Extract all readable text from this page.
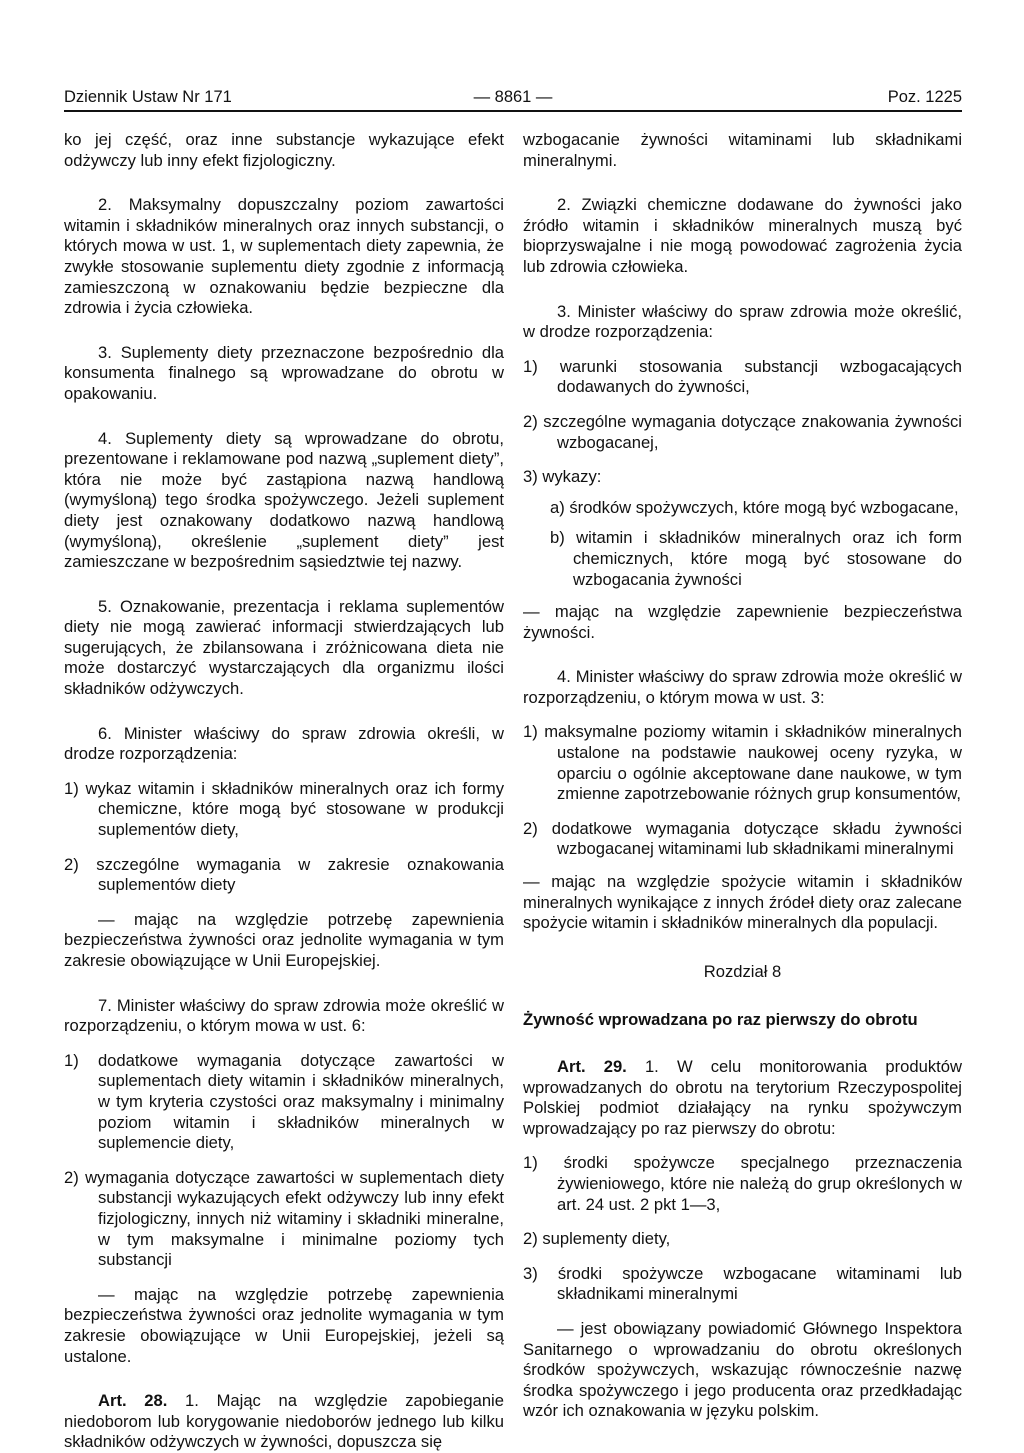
Dziennik Ustaw Nr 171	— 8861 —	Poz. 1225

ko jej część, oraz inne substancje wykazujące efekt odżywczy lub inny efekt fizjologiczny.

2. Maksymalny dopuszczalny poziom zawartości witamin i składników mineralnych oraz innych substancji, o których mowa w ust. 1, w suplementach diety zapewnia, że zwykłe stosowanie suplementu diety zgodnie z informacją zamieszczoną w oznakowaniu będzie bezpieczne dla zdrowia i życia człowieka.

3. Suplementy diety przeznaczone bezpośrednio dla konsumenta finalnego są wprowadzane do obrotu w opakowaniu.

4. Suplementy diety są wprowadzane do obrotu, prezentowane i reklamowane pod nazwą „suplement diety”, która nie może być zastąpiona nazwą handlową (wymyśloną) tego środka spożywczego. Jeżeli suplement diety jest oznakowany dodatkowo nazwą handlową (wymyśloną), określenie „suplement diety” jest zamieszczane w bezpośrednim sąsiedztwie tej nazwy.

5. Oznakowanie, prezentacja i reklama suplementów diety nie mogą zawierać informacji stwierdzających lub sugerujących, że zbilansowana i zróżnicowana dieta nie może dostarczyć wystarczających dla organizmu ilości składników odżywczych.

6. Minister właściwy do spraw zdrowia określi, w drodze rozporządzenia:

1) wykaz witamin i składników mineralnych oraz ich formy chemiczne, które mogą być stosowane w produkcji suplementów diety,

2) szczególne wymagania w zakresie oznakowania suplementów diety

— mając na względzie potrzebę zapewnienia bezpieczeństwa żywności oraz jednolite wymagania w tym zakresie obowiązujące w Unii Europejskiej.

7. Minister właściwy do spraw zdrowia może określić w rozporządzeniu, o którym mowa w ust. 6:

1) dodatkowe wymagania dotyczące zawartości w suplementach diety witamin i składników mineralnych, w tym kryteria czystości oraz maksymalny i minimalny poziom witamin i składników mineralnych w suplemencie diety,

2) wymagania dotyczące zawartości w suplementach diety substancji wykazujących efekt odżywczy lub inny efekt fizjologiczny, innych niż witaminy i składniki mineralne, w tym maksymalne i minimalne poziomy tych substancji

— mając na względzie potrzebę zapewnienia bezpieczeństwa żywności oraz jednolite wymagania w tym zakresie obowiązujące w Unii Europejskiej, jeżeli są ustalone.

Art. 28. 1. Mając na względzie zapobieganie niedoborom lub korygowanie niedoborów jednego lub kilku składników odżywczych w żywności, dopuszcza się

wzbogacanie żywności witaminami lub składnikami mineralnymi.

2. Związki chemiczne dodawane do żywności jako źródło witamin i składników mineralnych muszą być bioprzyswajalne i nie mogą powodować zagrożenia życia lub zdrowia człowieka.

3. Minister właściwy do spraw zdrowia może określić, w drodze rozporządzenia:

1) warunki stosowania substancji wzbogacających dodawanych do żywności,

2) szczególne wymagania dotyczące znakowania żywności wzbogacanej,

3) wykazy:

a) środków spożywczych, które mogą być wzbogacane,

b) witamin i składników mineralnych oraz ich form chemicznych, które mogą być stosowane do wzbogacania żywności

— mając na względzie zapewnienie bezpieczeństwa żywności.

4. Minister właściwy do spraw zdrowia może określić w rozporządzeniu, o którym mowa w ust. 3:

1) maksymalne poziomy witamin i składników mineralnych ustalone na podstawie naukowej oceny ryzyka, w oparciu o ogólnie akceptowane dane naukowe, w tym zmienne zapotrzebowanie różnych grup konsumentów,

2) dodatkowe wymagania dotyczące składu żywności wzbogacanej witaminami lub składnikami mineralnymi

— mając na względzie spożycie witamin i składników mineralnych wynikające z innych źródeł diety oraz zalecane spożycie witamin i składników mineralnych dla populacji.

Rozdział 8

Żywność wprowadzana po raz pierwszy do obrotu

Art. 29. 1. W celu monitorowania produktów wprowadzanych do obrotu na terytorium Rzeczypospolitej Polskiej podmiot działający na rynku spożywczym wprowadzający po raz pierwszy do obrotu:

1) środki spożywcze specjalnego przeznaczenia żywieniowego, które nie należą do grup określonych w art. 24 ust. 2 pkt 1—3,

2) suplementy diety,

3) środki spożywcze wzbogacane witaminami lub składnikami mineralnymi

— jest obowiązany powiadomić Głównego Inspektora Sanitarnego o wprowadzaniu do obrotu określonych środków spożywczych, wskazując równocześnie nazwę środka spożywczego i jego producenta oraz przedkładając wzór ich oznakowania w języku polskim.
